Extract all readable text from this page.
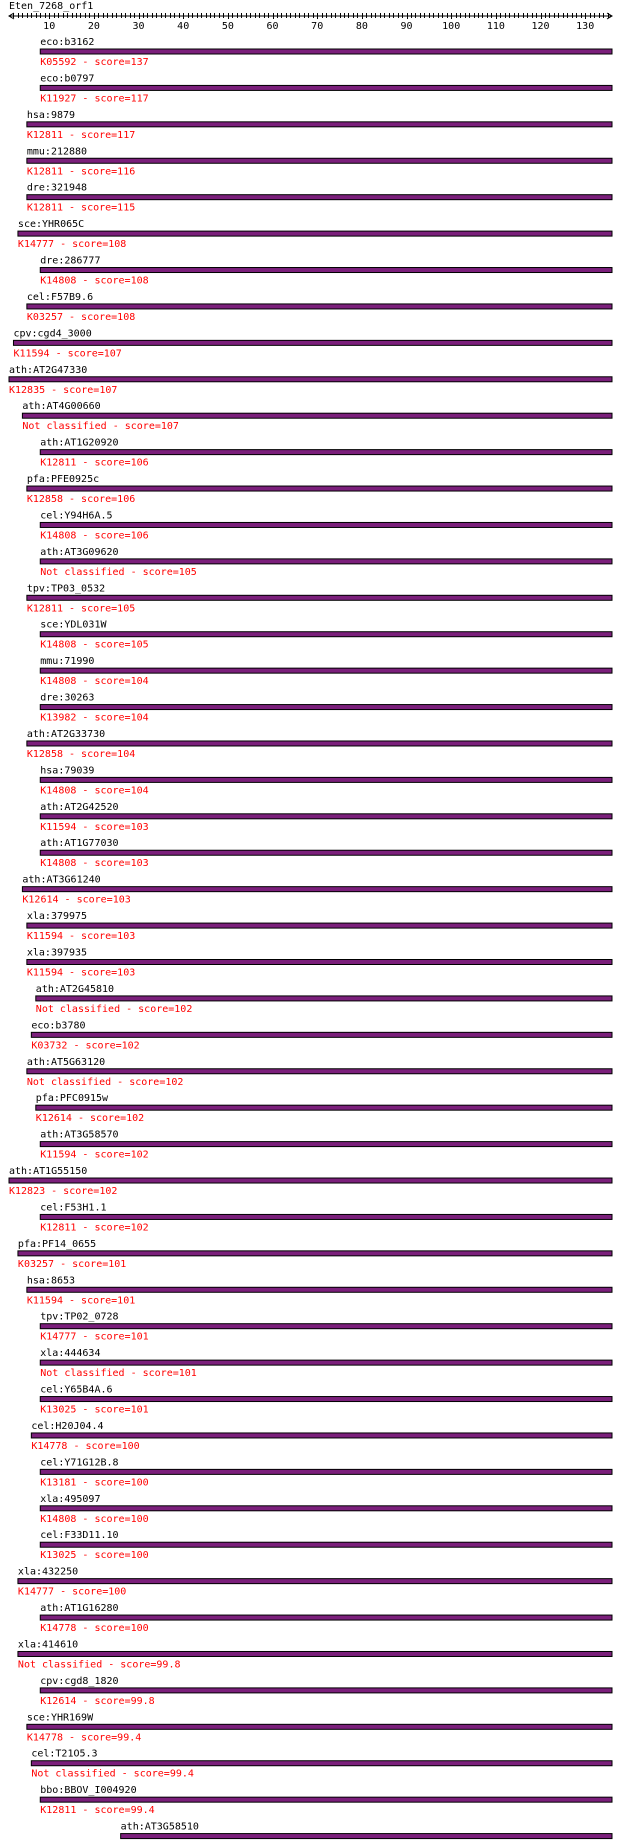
Eten_7268_orf1
10	20	30	40	50	60	70	80	90	100	110	120	130
eco:b3162
K05592 - score=137
eco:b0797
K11927 - score=117
hsa:9879
K12811 - score=117
mmu:212880
K12811 - score=116
dre:321948
K12811 - score=115
sce:YHR065C
K14777 - score=108
dre:286777
K14808 - score=108
cel:F57B9.6
K03257 - score=108
cpv:cgd4_3000
K11594 - score=107
ath:AT2G47330
K12835 - score=107
ath:AT4G00660
Not classified - score=107
ath:AT1G20920
K12811 - score=106
pfa:PFE0925c
K12858 - score=106
cel:Y94H6A.5
K14808 - score=106
ath:AT3G09620
Not classified - score=105
tpv:TP03_0532
K12811 - score=105
sce:YDL031W
K14808 - score=105
mmu:71990
K14808 - score=104
dre:30263
K13982 - score=104
ath:AT2G33730
K12858 - score=104
hsa:79039
K14808 - score=104
ath:AT2G42520
K11594 - score=103
ath:AT1G77030
K14808 - score=103
ath:AT3G61240
K12614 - score=103
xla:379975
K11594 - score=103
xla:397935
K11594 - score=103
ath:AT2G45810
Not classified - score=102
eco:b3780
K03732 - score=102
ath:AT5G63120
Not classified - score=102
pfa:PFC0915w
K12614 - score=102
ath:AT3G58570
K11594 - score=102
ath:AT1G55150
K12823 - score=102
cel:F53H1.1
K12811 - score=102
pfa:PF14_0655
K03257 - score=101
hsa:8653
K11594 - score=101
tpv:TP02_0728
K14777 - score=101
xla:444634
Not classified - score=101
cel:Y65B4A.6
K13025 - score=101
cel:H20J04.4
K14778 - score=100
cel:Y71G12B.8
K13181 - score=100
xla:495097
K14808 - score=100
cel:F33D11.10
K13025 - score=100
xla:432250
K14777 - score=100
ath:AT1G16280
K14778 - score=100
xla:414610
Not classified - score=99.8
cpv:cgd8_1820
K12614 - score=99.8
sce:YHR169W
K14778 - score=99.4
cel:T21O5.3
Not classified - score=99.4
bbo:BBOV_I004920
K12811 - score=99.4
ath:AT3G58510
